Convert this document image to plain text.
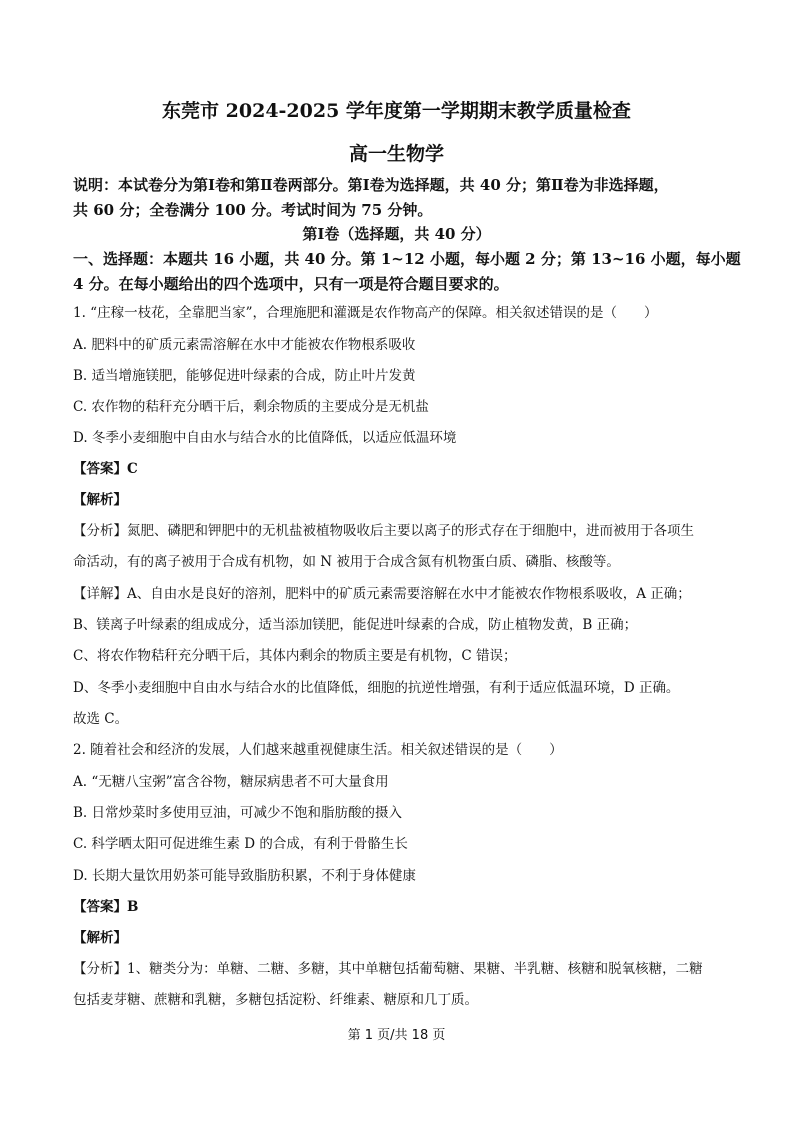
东莞市 2024-2025 学年度第一学期期末教学质量检查
高一生物学
说明：本试卷分为第Ⅰ卷和第Ⅱ卷两部分。第Ⅰ卷为选择题，共 40 分；第Ⅱ卷为非选择题，
共 60 分；全卷满分 100 分。考试时间为 75 分钟。
第Ⅰ卷（选择题，共 40 分）
一、选择题：本题共 16 小题，共 40 分。第 1~12 小题，每小题 2 分；第 13~16 小题，每小题
4 分。在每小题给出的四个选项中，只有一项是符合题目要求的。
1. “庄稼一枝花，全靠肥当家”，合理施肥和灌溉是农作物高产的保障。相关叙述错误的是（　　）
A. 肥料中的矿质元素需溶解在水中才能被农作物根系吸收
B. 适当增施镁肥，能够促进叶绿素的合成，防止叶片发黄
C. 农作物的秸秆充分晒干后，剩余物质的主要成分是无机盐
D. 冬季小麦细胞中自由水与结合水的比值降低，以适应低温环境
【答案】C
【解析】
【分析】氮肥、磷肥和钾肥中的无机盐被植物吸收后主要以离子的形式存在于细胞中，进而被用于各项生
命活动，有的离子被用于合成有机物，如 N 被用于合成含氮有机物蛋白质、磷脂、核酸等。
【详解】A、自由水是良好的溶剂，肥料中的矿质元素需要溶解在水中才能被农作物根系吸收，A 正确；
B、镁离子叶绿素的组成成分，适当添加镁肥，能促进叶绿素的合成，防止植物发黄，B 正确；
C、将农作物秸秆充分晒干后，其体内剩余的物质主要是有机物，C 错误；
D、冬季小麦细胞中自由水与结合水的比值降低，细胞的抗逆性增强，有利于适应低温环境，D 正确。
故选 C。
2. 随着社会和经济的发展，人们越来越重视健康生活。相关叙述错误的是（　　）
A. “无糖八宝粥”富含谷物，糖尿病患者不可大量食用
B. 日常炒菜时多使用豆油，可减少不饱和脂肪酸的摄入
C. 科学晒太阳可促进维生素 D 的合成，有利于骨骼生长
D. 长期大量饮用奶茶可能导致脂肪积累，不利于身体健康
【答案】B
【解析】
【分析】1、糖类分为：单糖、二糖、多糖，其中单糖包括葡萄糖、果糖、半乳糖、核糖和脱氧核糖，二糖
包括麦芽糖、蔗糖和乳糖，多糖包括淀粉、纤维素、糖原和几丁质。
第 1 页/共 18 页
